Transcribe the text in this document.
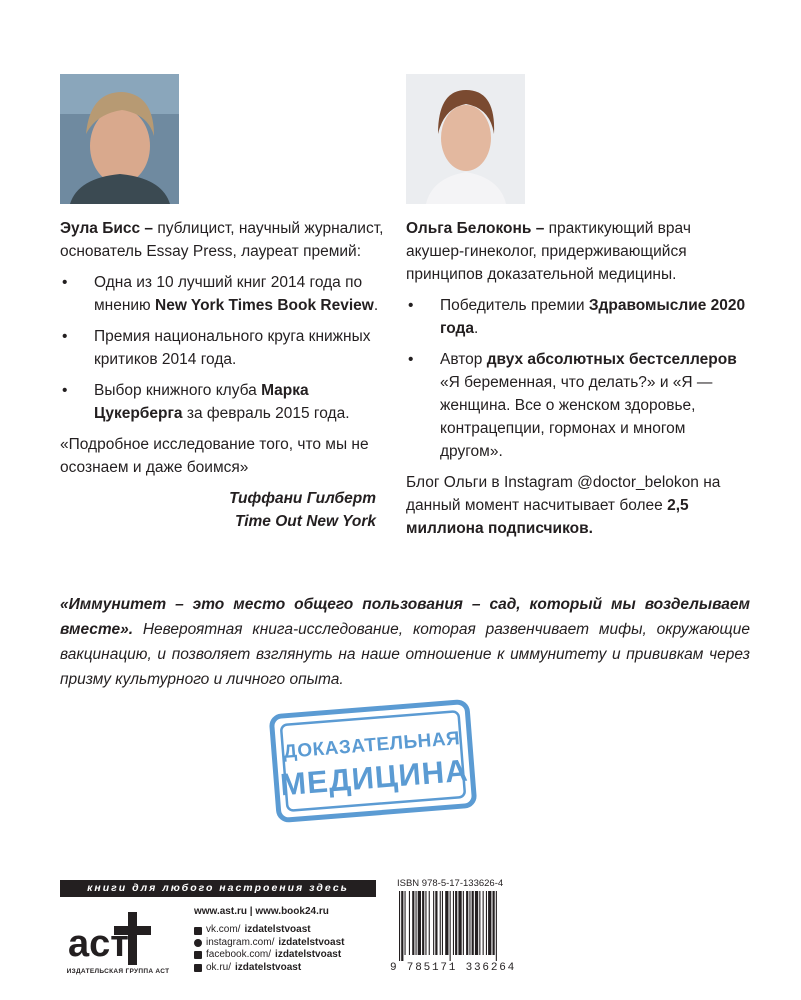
Эула Бисс – публицист, научный журналист, основатель Essay Press, лауреат премий:

• Одна из 10 лучший книг 2014 года по мнению New York Times Book Review.
• Премия национального круга книжных критиков 2014 года.
• Выбор книжного клуба Марка Цукерберга за февраль 2015 года.

«Подробное исследование того, что мы не осознаем и даже боимся»

Тиффани Гилберт
Time Out New York

Ольга Белоконь – практикующий врач акушер-гинеколог, придерживающийся принципов доказательной медицины.

• Победитель премии Здравомыслие 2020 года.
• Автор двух абсолютных бестселлеров «Я беременная, что делать?» и «Я — женщина. Все о женском здоровье, контрацепции, гормонах и многом другом».

Блог Ольги в Instagram @doctor_belokon на данный момент насчитывает более 2,5 миллиона подписчиков.

«Иммунитет – это место общего пользования – сад, который мы возделываем вместе». Невероятная книга-исследование, которая развенчивает мифы, окружающие вакцинацию, и позволяет взглянуть на наше отношение к иммунитету и прививкам через призму культурного и личного опыта.
ДОКАЗАТЕЛЬНАЯ
МЕДИЦИНА
книги для любого настроения здесь
аст
ИЗДАТЕЛЬСКАЯ ГРУППА АСТ
www.ast.ru | www.book24.ru
vk.com/ izdatelstvoast
instagram.com/ izdatelstvoast
facebook.com/ izdatelstvoast
ok.ru/ izdatelstvoast
ISBN 978-5-17-133626-4
9 785171 336264
